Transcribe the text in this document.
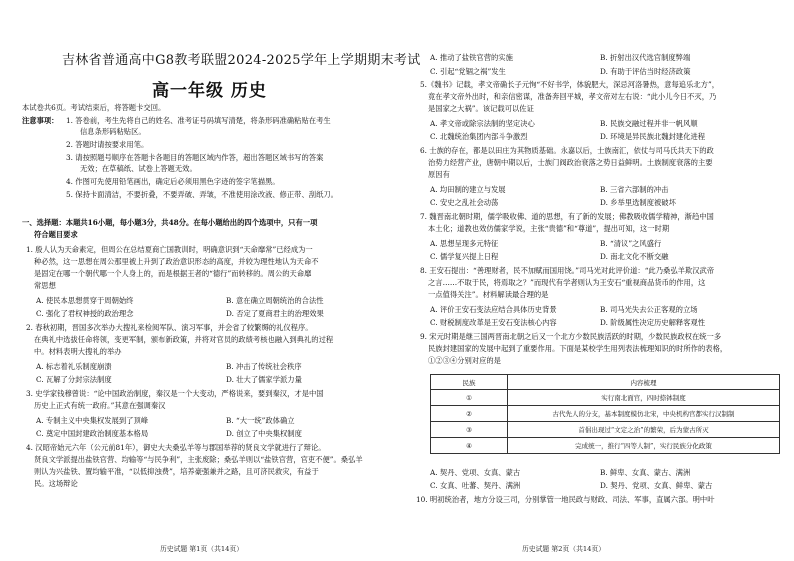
吉林省普通高中G8教考联盟2024-2025学年上学期期末考试
高一年级 历史
本试卷共6页。考试结束后，将答题卡交回。
注意事项： 1. 答卷前，考生先将自己的姓名、准考证号码填写清楚，将条形码准确粘贴在考生
信息条形码粘贴区。
2. 答题时请按要求用笔。
3. 请按照题号顺序在答题卡各题目的答题区域内作答，超出答题区域书写的答案
无效；在草稿纸、试卷上答题无效。
4. 作图可先使用铅笔画出，确定后必须用黑色字迹的签字笔描黑。
5. 保持卡面清洁，不要折叠，不要弄破、弄皱，不准使用涂改液、修正带、刮纸刀。
一、选择题：本题共16小题，每小题3分，共48分。在每小题给出的四个选项中，只有一项
符合题目要求
1. 殷人认为天命素定，但周公在总结夏商亡国教训时，明确意识到“天命靡常”已经成为一
种必然，这一思想在周公那里被上升到了政治意识形态的高度，并较为理性地认为天命不
是固定在哪一个朝代哪一个人身上的，而是根据王者的“德行”而转移的。周公的天命靡
常思想
A. 使民本思想贯穿于周朝始终	B. 意在确立周朝统治的合法性
C. 强化了君权神授的政治理念	D. 否定了夏商君主的治理效果
2. 春秋初期，晋国多次举办大搜礼来检阅军队、演习军事，并会省了较繁缛的礼仪程序。
在典礼中选拔任命将领，变更军制，颁布新政策，并将对官员的政绩考核也融入到典礼的过程
中。材料表明大搜礼的举办
A. 标志着礼乐制度崩溃	B. 冲击了传统社会秩序
C. 瓦解了分封宗法制度	D. 壮大了儒家学派力量
3. 史学家钱穆曾说：“论中国政治制度，秦汉是一个大变动，严格说来，要到秦汉，才是中国
历史上正式有统一政府。”其意在强调秦汉
A. 专制主义中央集权发展到了顶峰	B. “大一统”政体确立
C. 奠定中国封建政治制度基本格局	D. 创立了中央集权制度
4. 汉昭帝始元六年（公元前81年），御史大夫桑弘羊等与郡国举荐的贤良文学就进行了辩论。
贤良文学派提出盐铁官营、均输等“与民争利”，主张废除；桑弘羊则以“盐铁官营，官吏不便”。桑弘羊
则认为兴盐铁、置均输平准，“以低抑浊费”，培养豪强兼并之路，且可济民救灾，有益于
民。这场辩论
历史试题 第1页（共14页）
A. 推动了盐铁官营的实施	B. 折射出汉代选官制度弊端
C. 引起“党锢之祸”发生	D. 有助于评估当时经济政策
5.《魏书》记载，孝文帝确长子元恂“不好书学，体貌肥大，深忌河洛暑热，意每追乐北方”，
竟在孝文帝外出时，和亲信密谋，准备奔回平城，孝文帝对左右说：“此小儿今日不灭，乃
是国家之大祸”。该记载可以佐证
A. 孝文帝或除宗法制的坚定决心	B. 民族交融过程并非一帆风顺
C. 北魏统治集团内部斗争激烈	D. 环境是异民族北魏封建化进程
6. 士族的存在，都是以田庄为其物质基础。永嘉以后，士族南汇，依仗与司马氏共天下的政
治势力经营产业，唐朝中期以后，士族门阀政治衰落之势日益鲜明。土族制度衰落的主要
原因有
A. 均田制的建立与发展	B. 三省六部制的冲击
C. 安史之乱社会动荡	D. 乡举里选制度被破坏
7. 魏晋南北朝时期，儒学吸收佛、道的思想，有了新的发展；佛教吸收儒学精神，渐趋中国
本土化；道教也效仿儒家学说，主张“贵德”和“尊道”，提出可知，这一时期
A. 思想呈现多元特征	B. “清议”之风盛行
C. 儒学复兴提上日程	D. 南北文化不断交融
8. 王安石提出：“善理财者，民不加赋而国用饶。”司马光对此评价道：“此乃桑弘羊欺汉武帝
之言……不取于民，将焉取之？”而现代有学者则认为王安石“重视商品货币的作用，这
一点值得关注”。材料解读最合理的是
A. 评价王安石变法应结合具体历史背景	B. 司马光失去公正客观的立场
C. 财税制度改革是王安石变法核心内容	D. 阶级属性决定历史解释客观性
9. 宋元时期是继三国两晋南北朝之后又一个北方少数民族活跃的时期，少数民族政权在统一多
民族封建国家的发展中起到了重要作用。下面是某校学生用列表法梳理知识的时所作的表格，
①②③④分别对应的是
民族	内容梳理
①	实行南北面官，四时捺钵制度
②	古代先人的分支，基本制度模仿北宋，中央机构官都实行汉制制
③	首倡出现过“文定之治”的繁荣，后为蒙古所灭
④	完成统一，推行“四等人制”，实行民族分化政策
A. 契丹、党项、女真、蒙古	B. 鲜卑、女真、蒙古、满洲
C. 女真、吐蕃、契丹、满洲	D. 契丹、党项、女真、鲜卑、蒙古
10. 明初统治者，地方分设三司，分别掌管一地民政与财政、司法、军事，直属六部。明中叶
历史试题 第2页（共14页）
